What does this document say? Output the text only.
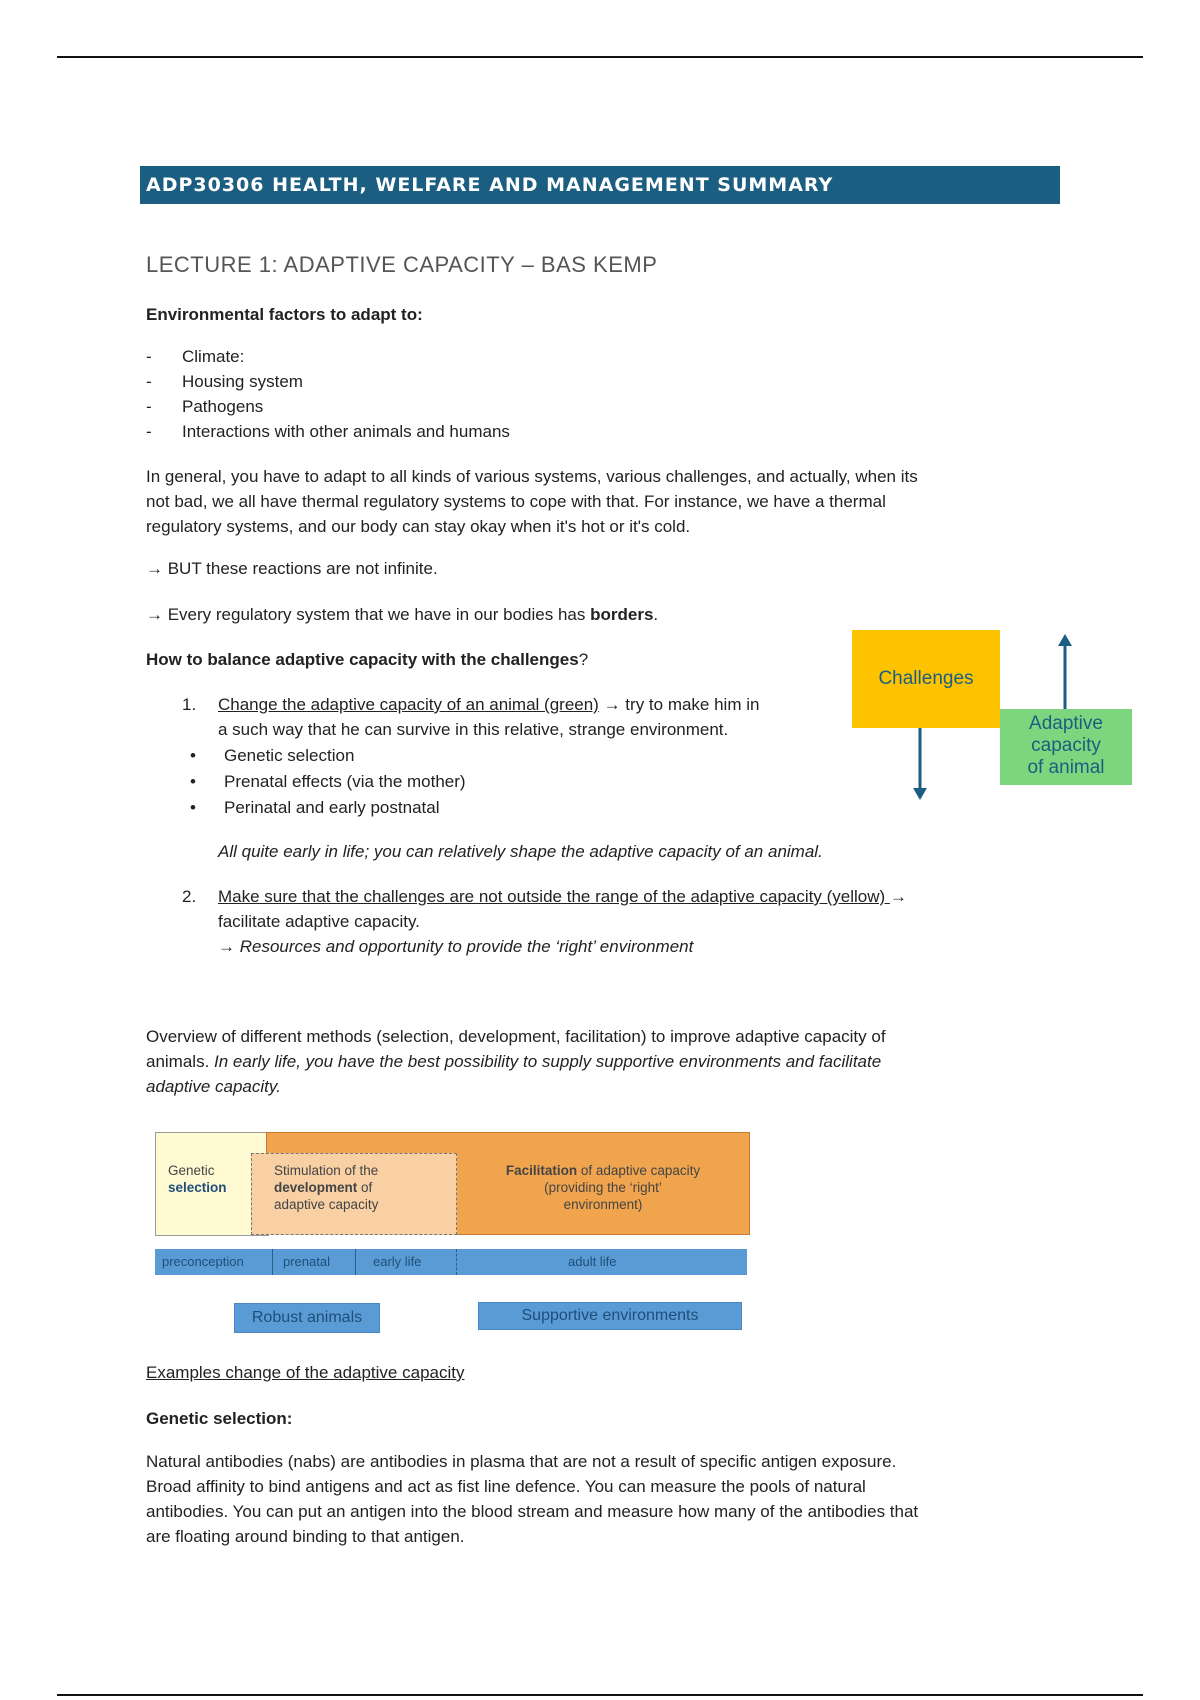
ADP30306 HEALTH, WELFARE AND MANAGEMENT SUMMARY
LECTURE 1: ADAPTIVE CAPACITY – BAS KEMP
Environmental factors to adapt to:
- Climate:
- Housing system
- Pathogens
- Interactions with other animals and humans
In general, you have to adapt to all kinds of various systems, various challenges, and actually, when its
not bad, we all have thermal regulatory systems to cope with that. For instance, we have a thermal
regulatory systems, and our body can stay okay when it's hot or it's cold.
→ BUT these reactions are not infinite.
→ Every regulatory system that we have in our bodies has borders.
How to balance adaptive capacity with the challenges?
1. Change the adaptive capacity of an animal (green) → try to make him in
a such way that he can survive in this relative, strange environment.
• Genetic selection
• Prenatal effects (via the mother)
• Perinatal and early postnatal
All quite early in life; you can relatively shape the adaptive capacity of an animal.
2. Make sure that the challenges are not outside the range of the adaptive capacity (yellow) →
facilitate adaptive capacity.
→ Resources and opportunity to provide the ‘right’ environment
Challenges
Adaptive
capacity
of animal
Overview of different methods (selection, development, facilitation) to improve adaptive capacity of
animals. In early life, you have the best possibility to supply supportive environments and facilitate
adaptive capacity.
Genetic
selection
Stimulation of the
development of
adaptive capacity
Facilitation of adaptive capacity
(providing the ‘right’
environment)
preconception	prenatal	early life	adult life
Robust animals	Supportive environments
Examples change of the adaptive capacity
Genetic selection:
Natural antibodies (nabs) are antibodies in plasma that are not a result of specific antigen exposure.
Broad affinity to bind antigens and act as fist line defence. You can measure the pools of natural
antibodies. You can put an antigen into the blood stream and measure how many of the antibodies that
are floating around binding to that antigen.
